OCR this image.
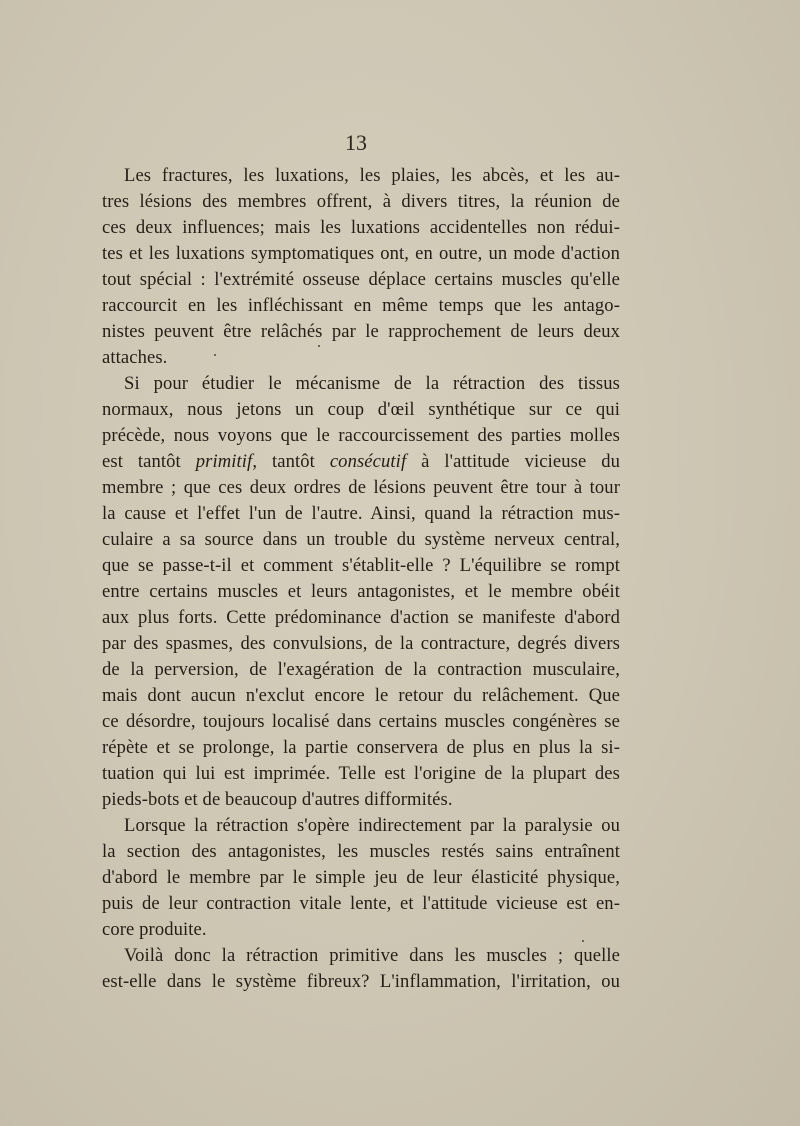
13

Les fractures, les luxations, les plaies, les abcès, et les au-
tres lésions des membres offrent, à divers titres, la réunion de
ces deux influences; mais les luxations accidentelles non rédui-
tes et les luxations symptomatiques ont, en outre, un mode d'action
tout spécial : l'extrémité osseuse déplace certains muscles qu'elle
raccourcit en les infléchissant en même temps que les antago-
nistes peuvent être relâchés par le rapprochement de leurs deux
attaches.

Si pour étudier le mécanisme de la rétraction des tissus
normaux, nous jetons un coup d'œil synthétique sur ce qui
précède, nous voyons que le raccourcissement des parties molles
est tantôt primitif, tantôt consécutif à l'attitude vicieuse du
membre ; que ces deux ordres de lésions peuvent être tour à tour
la cause et l'effet l'un de l'autre. Ainsi, quand la rétraction mus-
culaire a sa source dans un trouble du système nerveux central,
que se passe-t-il et comment s'établit-elle ? L'équilibre se rompt
entre certains muscles et leurs antagonistes, et le membre obéit
aux plus forts. Cette prédominance d'action se manifeste d'abord
par des spasmes, des convulsions, de la contracture, degrés divers
de la perversion, de l'exagération de la contraction musculaire,
mais dont aucun n'exclut encore le retour du relâchement. Que
ce désordre, toujours localisé dans certains muscles congénères se
répète et se prolonge, la partie conservera de plus en plus la si-
tuation qui lui est imprimée. Telle est l'origine de la plupart des
pieds-bots et de beaucoup d'autres difformités.

Lorsque la rétraction s'opère indirectement par la paralysie ou
la section des antagonistes, les muscles restés sains entraînent
d'abord le membre par le simple jeu de leur élasticité physique,
puis de leur contraction vitale lente, et l'attitude vicieuse est en-
core produite.

Voilà donc la rétraction primitive dans les muscles ; quelle
est-elle dans le système fibreux? L'inflammation, l'irritation, ou
